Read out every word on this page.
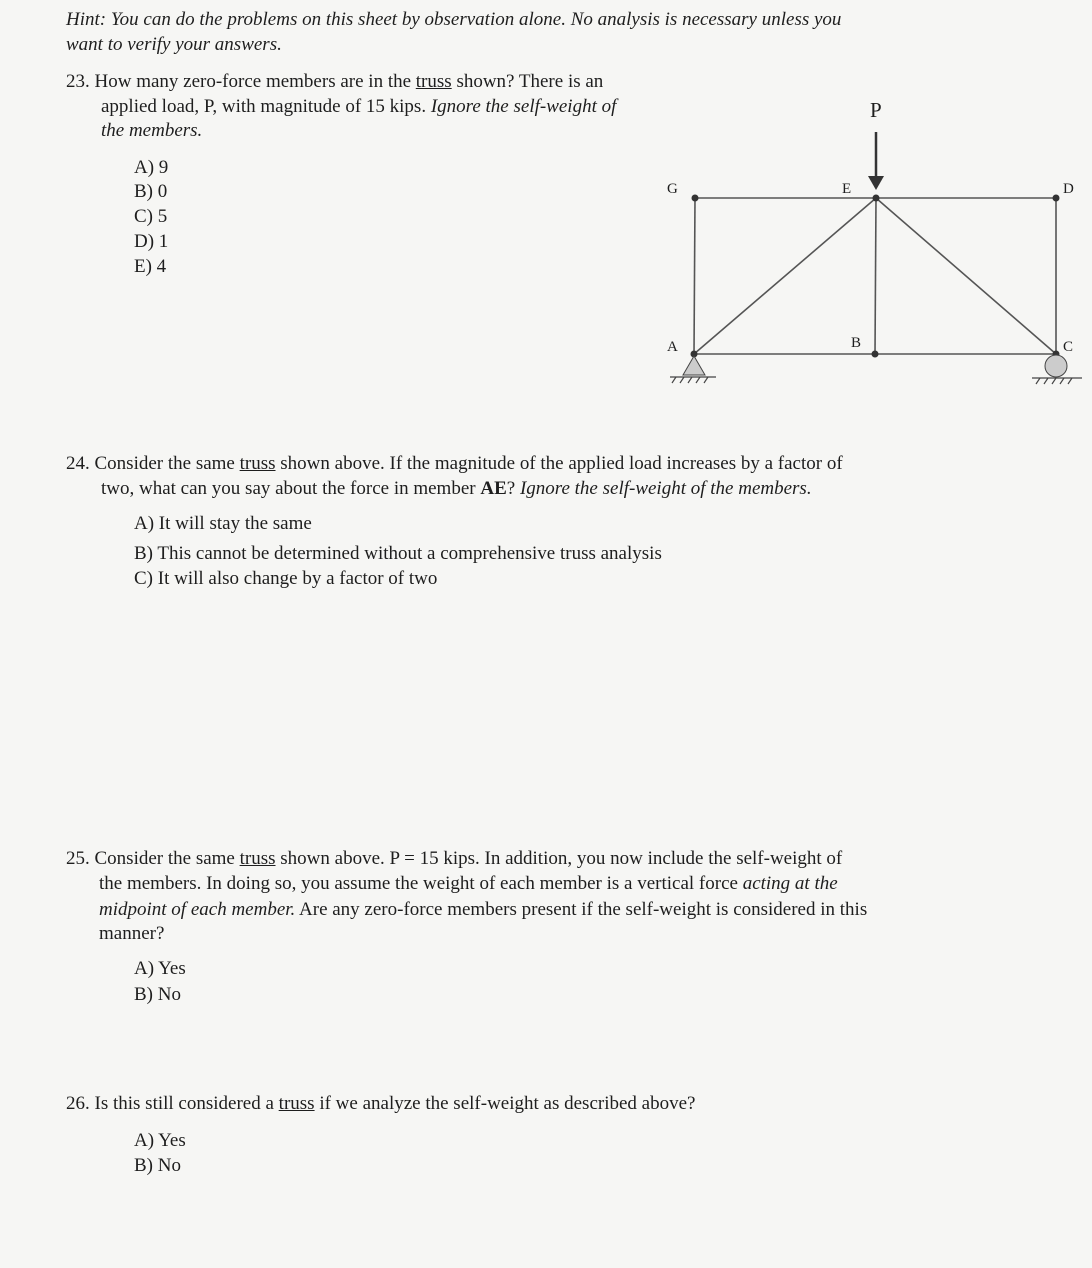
Hint: You can do the problems on this sheet by observation alone. No analysis is necessary unless you
want to verify your answers.
23. How many zero-force members are in the truss shown? There is an
applied load, P, with magnitude of 15 kips. Ignore the self-weight of
the members.
A) 9
B) 0
C) 5
D) 1
E) 4
P
G	E	D
A	B	C
24. Consider the same truss shown above. If the magnitude of the applied load increases by a factor of
two, what can you say about the force in member AE? Ignore the self-weight of the members.
A) It will stay the same
B) This cannot be determined without a comprehensive truss analysis
C) It will also change by a factor of two
25. Consider the same truss shown above. P = 15 kips. In addition, you now include the self-weight of
the members. In doing so, you assume the weight of each member is a vertical force acting at the
midpoint of each member. Are any zero-force members present if the self-weight is considered in this
manner?
A) Yes
B) No
26. Is this still considered a truss if we analyze the self-weight as described above?
A) Yes
B) No
